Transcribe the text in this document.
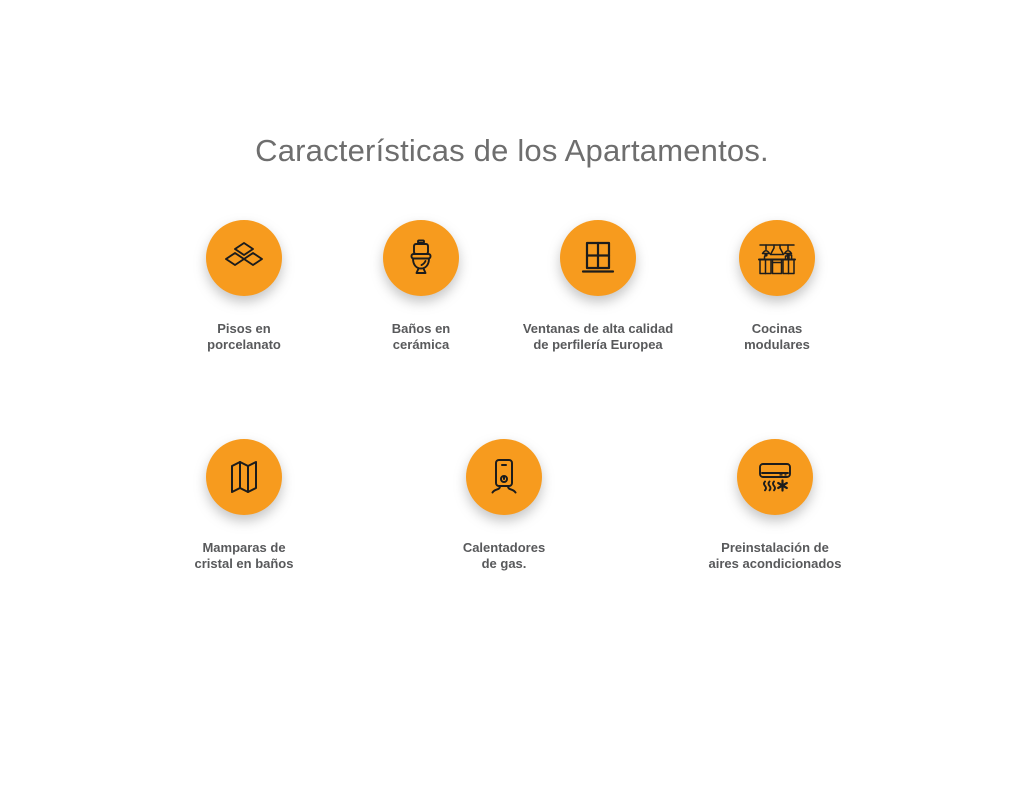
Características de los Apartamentos.
Pisos en
porcelanato
Baños en
cerámica
Ventanas de alta calidad
de perfilería Europea
Cocinas
modulares
Mamparas de
cristal en baños
Calentadores
de gas.
Preinstalación de
aires acondicionados
